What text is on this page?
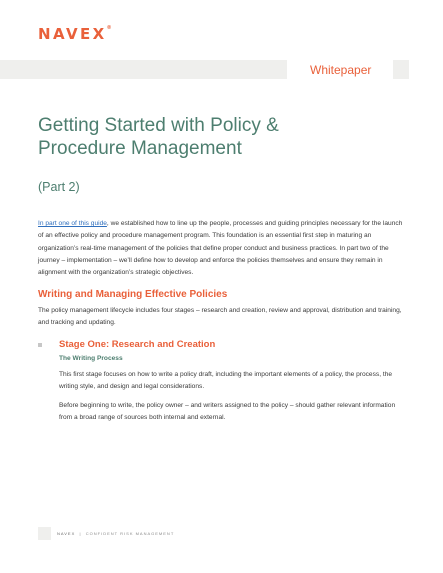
NAVEX®
Whitepaper
Getting Started with Policy & Procedure Management

(Part 2)

In part one of this guide, we established how to line up the people, processes and guiding principles necessary for the launch of an effective policy and procedure management program. This foundation is an essential first step in maturing an organization’s real-time management of the policies that define proper conduct and business practices. In part two of the journey – implementation – we’ll define how to develop and enforce the policies themselves and ensure they remain in alignment with the organization’s strategic objectives.

Writing and Managing Effective Policies

The policy management lifecycle includes four stages – research and creation, review and approval, distribution and training, and tracking and updating.

Stage One: Research and Creation
The Writing Process

This first stage focuses on how to write a policy draft, including the important elements of a policy, the process, the writing style, and design and legal considerations.

Before beginning to write, the policy owner – and writers assigned to the policy – should gather relevant information from a broad range of sources both internal and external.

NAVEX | CONFIDENT RISK MANAGEMENT
